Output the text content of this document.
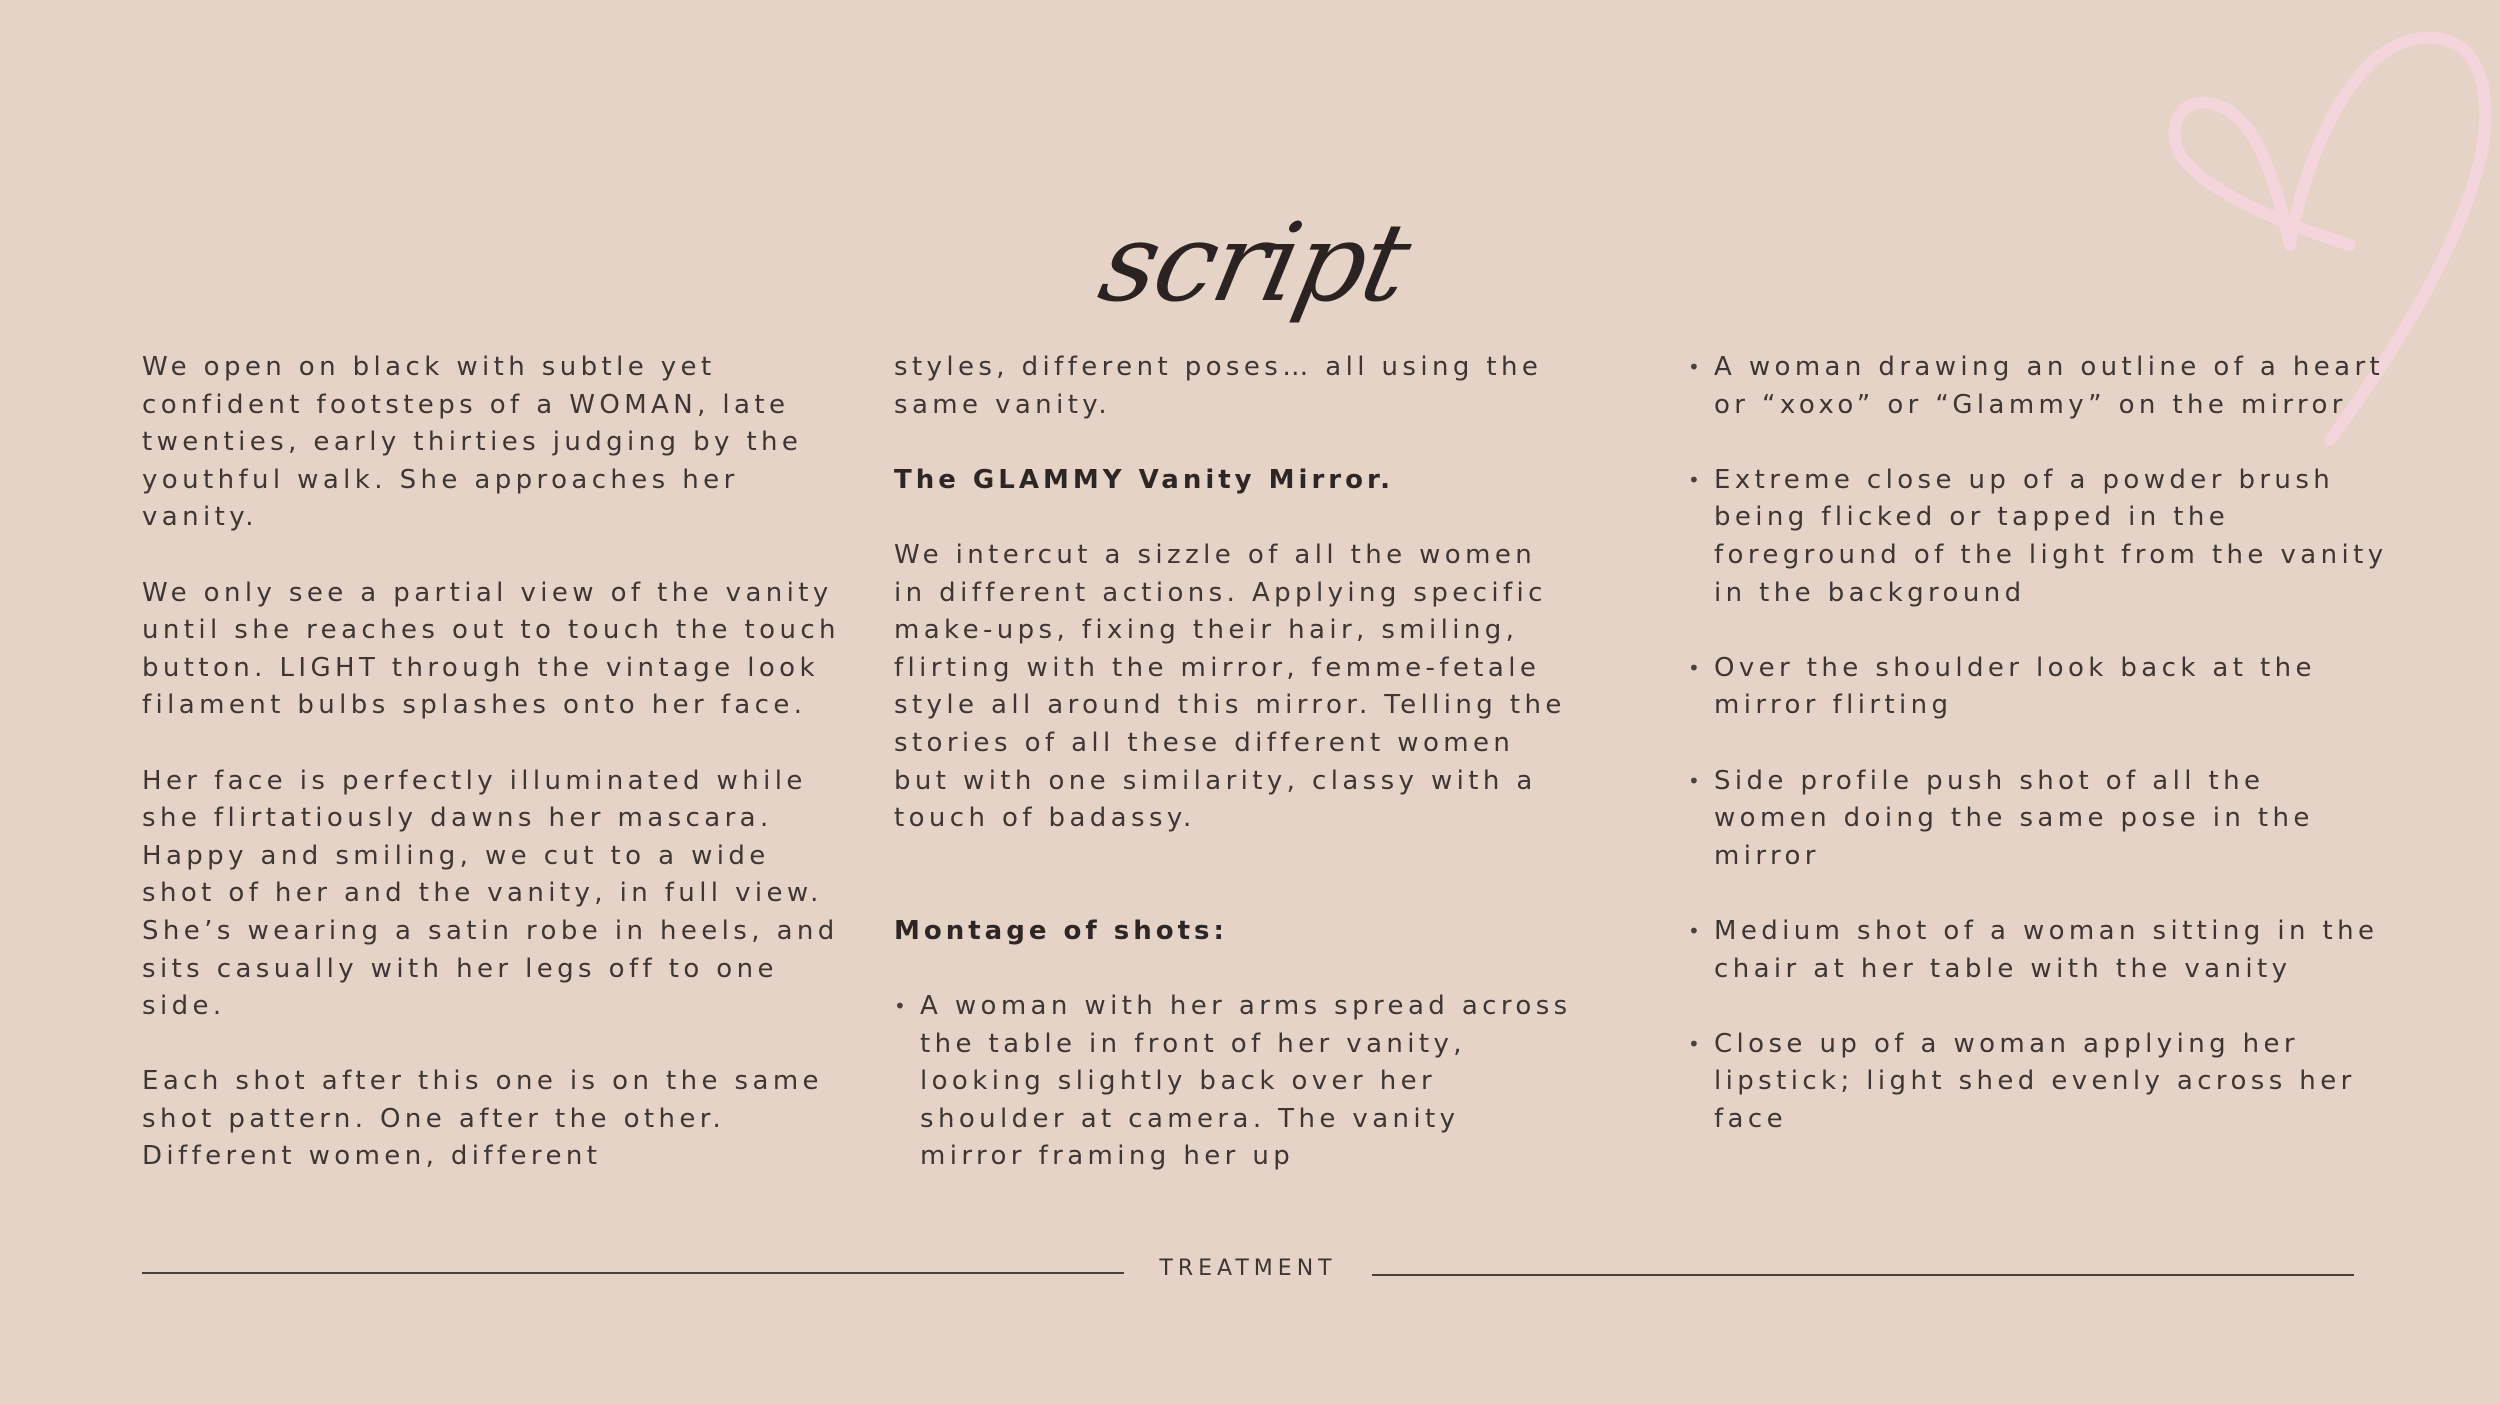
script

We open on black with subtle yet confident footsteps of a WOMAN, late twenties, early thirties judging by the youthful walk. She approaches her vanity.

We only see a partial view of the vanity until she reaches out to touch the touch button. LIGHT through the vintage look filament bulbs splashes onto her face.

Her face is perfectly illuminated while she flirtatiously dawns her mascara. Happy and smiling, we cut to a wide shot of her and the vanity, in full view. She’s wearing a satin robe in heels, and sits casually with her legs off to one side.

Each shot after this one is on the same shot pattern. One after the other. Different women, different

styles, different poses… all using the same vanity.

The GLAMMY Vanity Mirror.

We intercut a sizzle of all the women in different actions. Applying specific make-ups, fixing their hair, smiling, flirting with the mirror, femme-fetale style all around this mirror. Telling the stories of all these different women but with one similarity, classy with a touch of badassy.

Montage of shots:

• A woman with her arms spread across the table in front of her vanity, looking slightly back over her shoulder at camera. The vanity mirror framing her up
• A woman drawing an outline of a heart or “xoxo” or “Glammy” on the mirror
• Extreme close up of a powder brush being flicked or tapped in the foreground of the light from the vanity in the background
• Over the shoulder look back at the mirror flirting
• Side profile push shot of all the women doing the same pose in the mirror
• Medium shot of a woman sitting in the chair at her table with the vanity
• Close up of a woman applying her lipstick; light shed evenly across her face
TREATMENT
